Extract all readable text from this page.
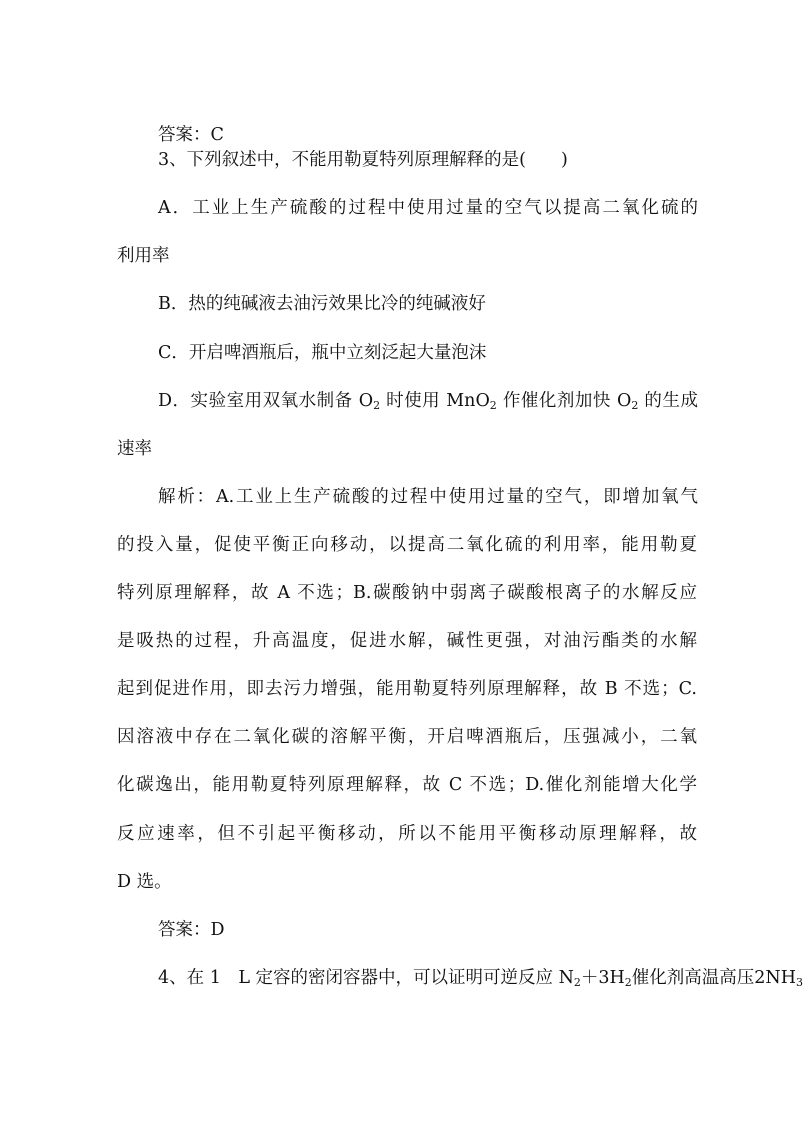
答案：C
3、下列叙述中，不能用勒夏特列原理解释的是(　　)
A．工业上生产硫酸的过程中使用过量的空气以提高二氧化硫的
利用率
B．热的纯碱液去油污效果比冷的纯碱液好
C．开启啤酒瓶后，瓶中立刻泛起大量泡沫
D．实验室用双氧水制备 $O_2$ 时使用 MnO$_2$ 作催化剂加快 $O_2$ 的生成
速率
解析：A.工业上生产硫酸的过程中使用过量的空气，即增加氧气
的投入量，促使平衡正向移动，以提高二氧化硫的利用率，能用勒夏
特列原理解释，故 A 不选；B.碳酸钠中弱离子碳酸根离子的水解反应
是吸热的过程，升高温度，促进水解，碱性更强，对油污酯类的水解
起到促进作用，即去污力增强，能用勒夏特列原理解释，故 B 不选；C.
因溶液中存在二氧化碳的溶解平衡，开启啤酒瓶后，压强减小，二氧
化碳逸出，能用勒夏特列原理解释，故 C 不选；D.催化剂能增大化学
反应速率，但不引起平衡移动，所以不能用平衡移动原理解释，故
D 选。
答案：D
4、在 1　L 定容的密闭容器中，可以证明可逆反应 $N_2+3H_2$催化剂高温高压$2NH_3$
